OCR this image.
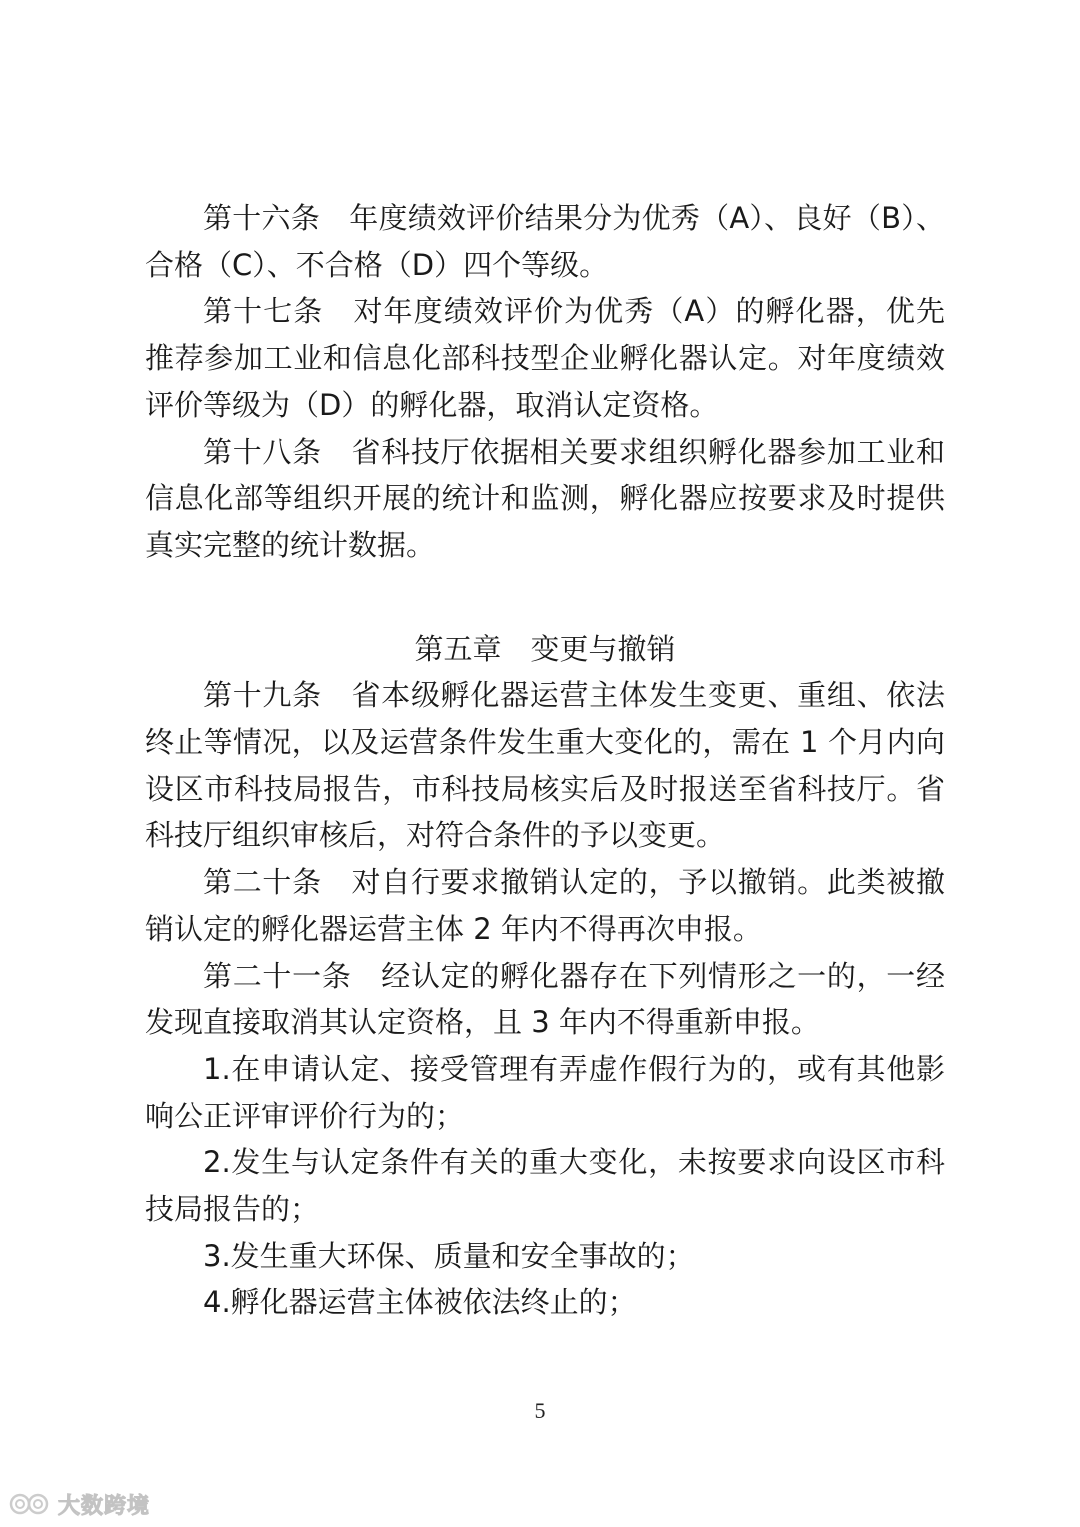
第十六条 年度绩效评价结果分为优秀（A）、良好（B）、合格（C）、不合格（D）四个等级。

第十七条 对年度绩效评价为优秀（A）的孵化器，优先推荐参加工业和信息化部科技型企业孵化器认定。对年度绩效评价等级为（D）的孵化器，取消认定资格。

第十八条 省科技厅依据相关要求组织孵化器参加工业和信息化部等组织开展的统计和监测，孵化器应按要求及时提供真实完整的统计数据。

第五章 变更与撤销

第十九条 省本级孵化器运营主体发生变更、重组、依法终止等情况，以及运营条件发生重大变化的，需在 1 个月内向设区市科技局报告，市科技局核实后及时报送至省科技厅。省科技厅组织审核后，对符合条件的予以变更。

第二十条 对自行要求撤销认定的，予以撤销。此类被撤销认定的孵化器运营主体 2 年内不得再次申报。

第二十一条 经认定的孵化器存在下列情形之一的，一经发现直接取消其认定资格，且 3 年内不得重新申报。

1.在申请认定、接受管理有弄虚作假行为的，或有其他影响公正评审评价行为的；

2.发生与认定条件有关的重大变化，未按要求向设区市科技局报告的；

3.发生重大环保、质量和安全事故的；

4.孵化器运营主体被依法终止的；

5
大数跨境
